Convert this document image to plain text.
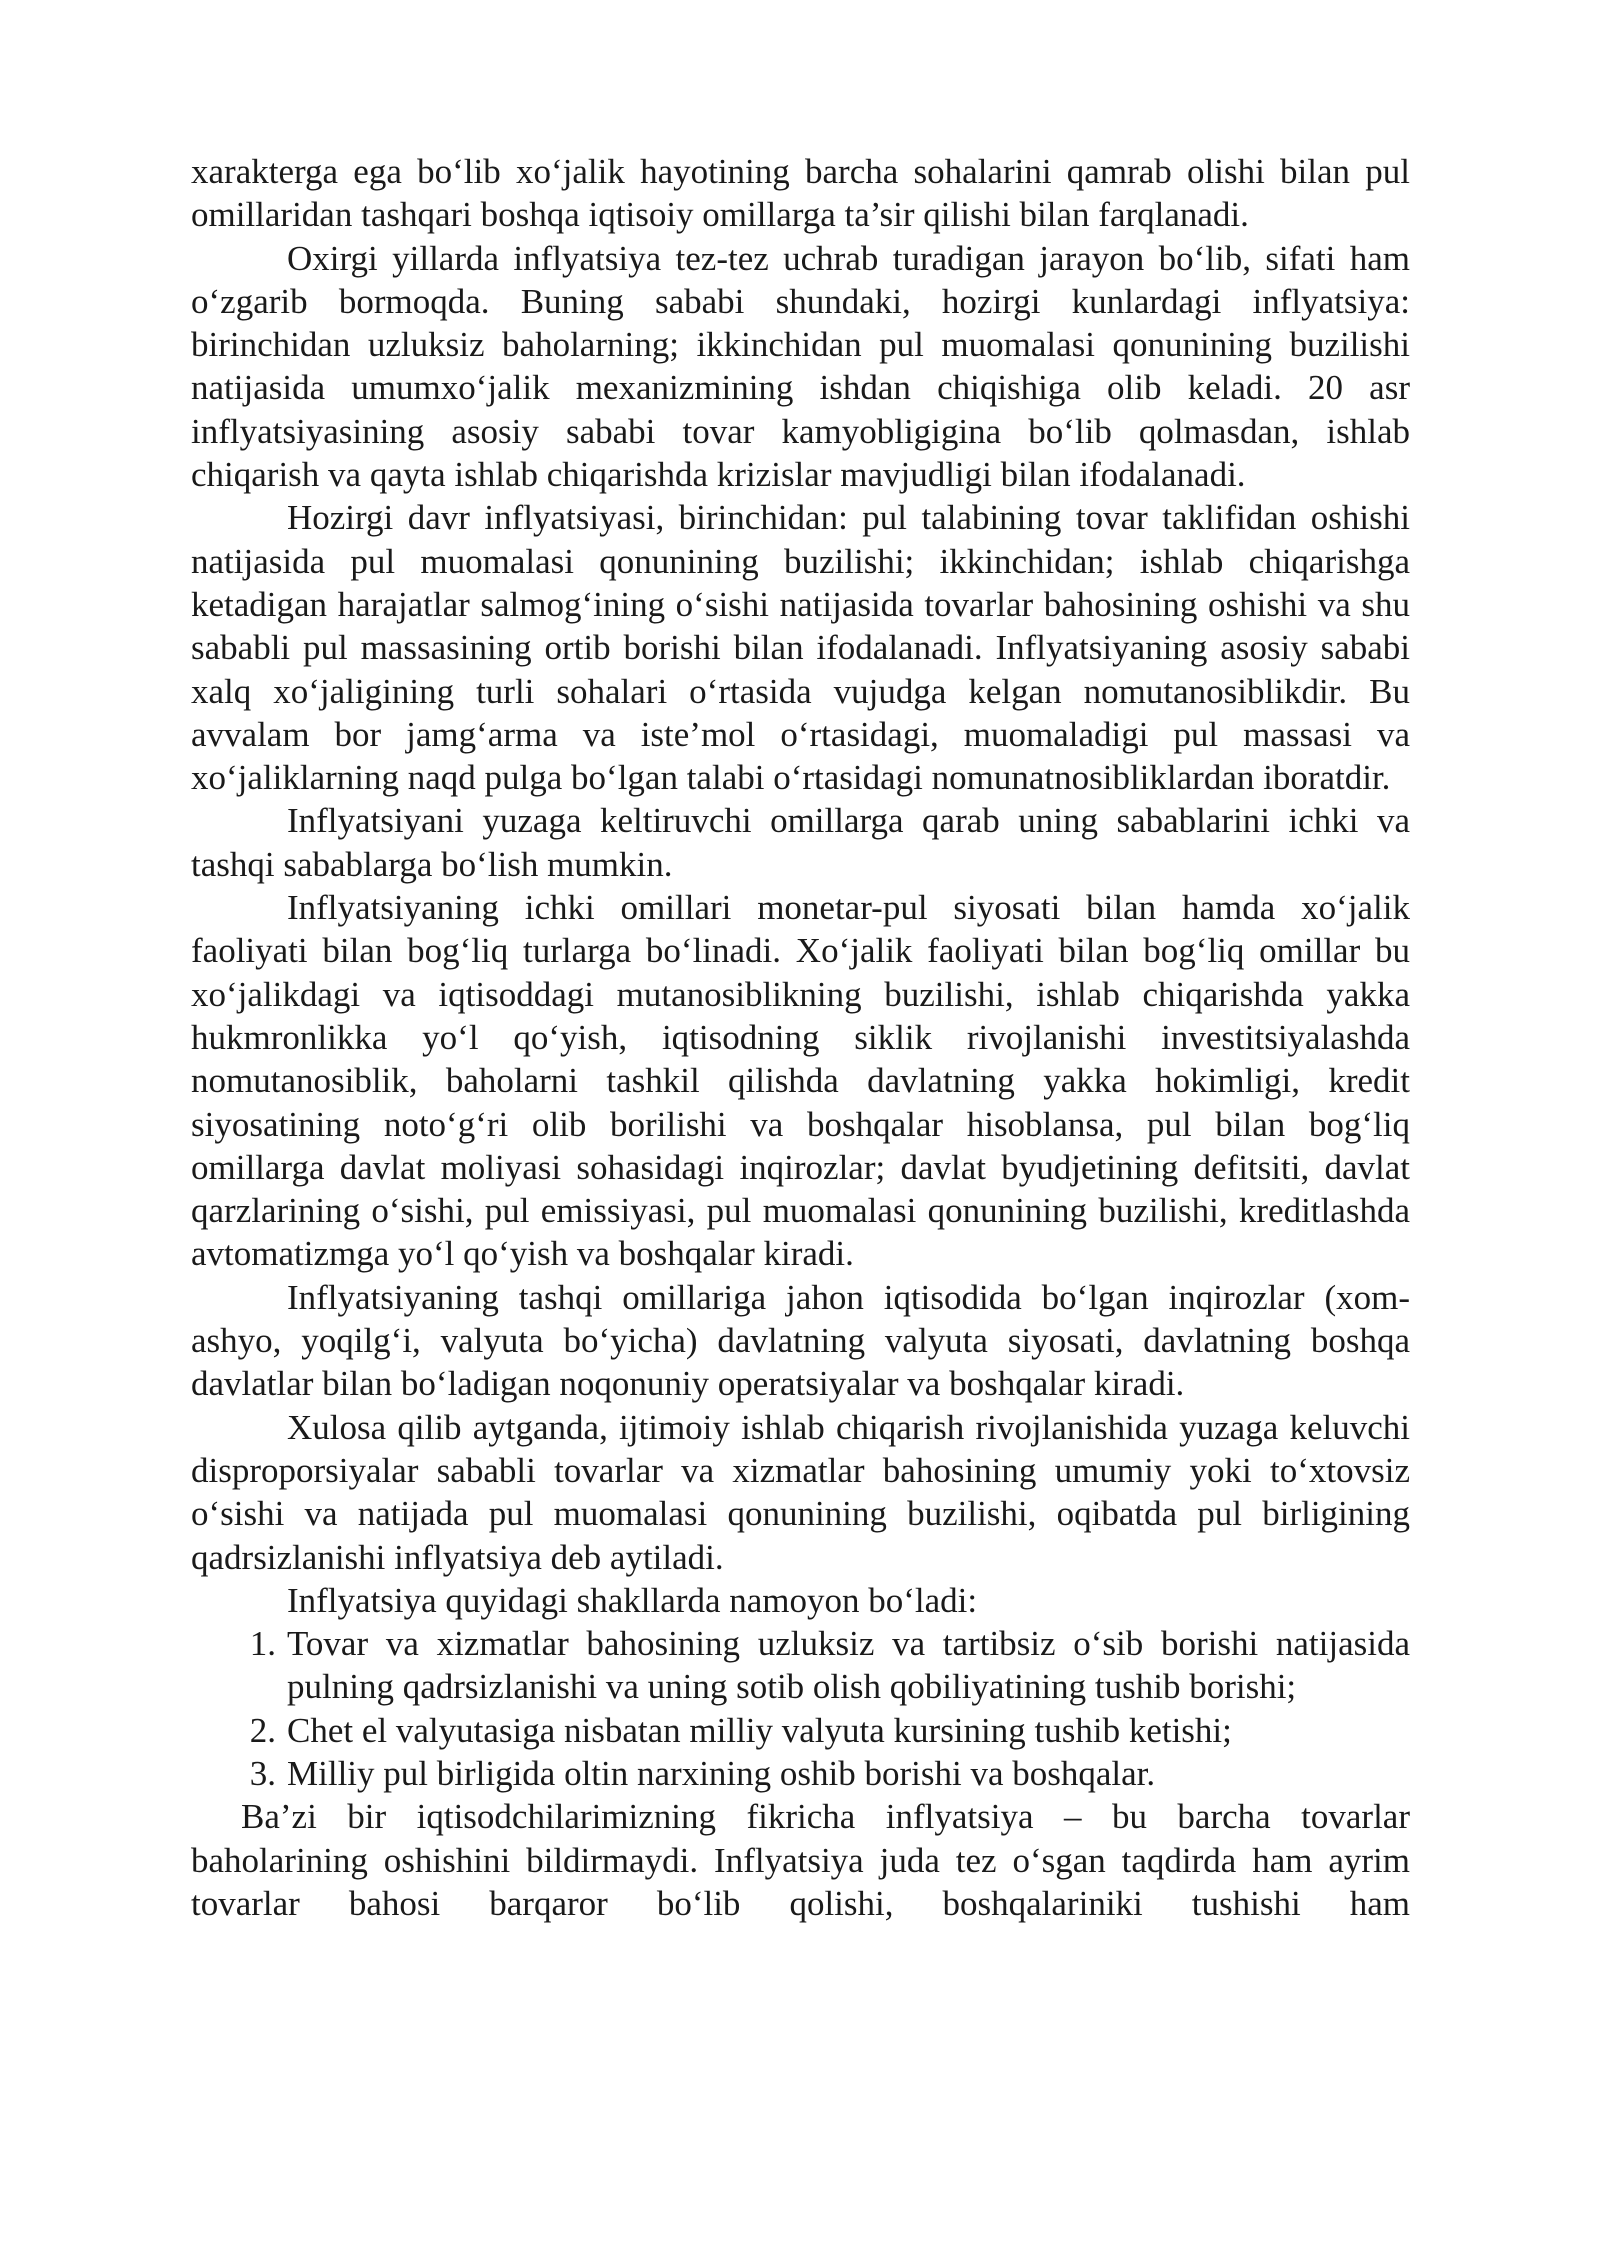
xarakterga ega bo‘lib xo‘jalik hayotining barcha sohalarini qamrab olishi bilan pul omillaridan tashqari boshqa iqtisoiy omillarga ta’sir qilishi bilan farqlanadi.

Oxirgi yillarda inflyatsiya tez-tez uchrab turadigan jarayon bo‘lib, sifati ham o‘zgarib bormoqda. Buning sababi shundaki, hozirgi kunlardagi inflyatsiya: birinchidan uzluksiz baholarning; ikkinchidan pul muomalasi qonunining buzilishi natijasida umumxo‘jalik mexanizmining ishdan chiqishiga olib keladi. 20 asr inflyatsiyasining asosiy sababi tovar kamyobligigina bo‘lib qolmasdan, ishlab chiqarish va qayta ishlab chiqarishda krizislar mavjudligi bilan ifodalanadi.

Hozirgi davr inflyatsiyasi, birinchidan: pul talabining tovar taklifidan oshishi natijasida pul muomalasi qonunining buzilishi; ikkinchidan; ishlab chiqarishga ketadigan harajatlar salmog‘ining o‘sishi natijasida tovarlar bahosining oshishi va shu sababli pul massasining ortib borishi bilan ifodalanadi. Inflyatsiyaning asosiy sababi xalq xo‘jaligining turli sohalari o‘rtasida vujudga kelgan nomutanosiblikdir. Bu avvalam bor jamg‘arma va iste’mol o‘rtasidagi, muomaladigi pul massasi va xo‘jaliklarning naqd pulga bo‘lgan talabi o‘rtasidagi nomunatnosibliklardan iboratdir.

Inflyatsiyani yuzaga keltiruvchi omillarga qarab uning sabablarini ichki va tashqi sabablarga bo‘lish mumkin.

Inflyatsiyaning ichki omillari monetar-pul siyosati bilan hamda xo‘jalik faoliyati bilan bog‘liq turlarga bo‘linadi. Xo‘jalik faoliyati bilan bog‘liq omillar bu xo‘jalikdagi va iqtisoddagi mutanosiblikning buzilishi, ishlab chiqarishda yakka hukmronlikka yo‘l qo‘yish, iqtisodning siklik rivojlanishi investitsiyalashda nomutanosiblik, baholarni tashkil qilishda davlatning yakka hokimligi, kredit siyosatining noto‘g‘ri olib borilishi va boshqalar hisoblansa, pul bilan bog‘liq omillarga davlat moliyasi sohasidagi inqirozlar; davlat byudjetining defitsiti, davlat qarzlarining o‘sishi, pul emissiyasi, pul muomalasi qonunining buzilishi, kreditlashda avtomatizmga yo‘l qo‘yish va boshqalar kiradi.

Inflyatsiyaning tashqi omillariga jahon iqtisodida bo‘lgan inqirozlar (xom-ashyo, yoqilg‘i, valyuta bo‘yicha) davlatning valyuta siyosati, davlatning boshqa davlatlar bilan bo‘ladigan noqonuniy operatsiyalar va boshqalar kiradi.

Xulosa qilib aytganda, ijtimoiy ishlab chiqarish rivojlanishida yuzaga keluvchi disproporsiyalar sababli tovarlar va xizmatlar bahosining umumiy yoki to‘xtovsiz o‘sishi va natijada pul muomalasi qonunining buzilishi, oqibatda pul birligining qadrsizlanishi inflyatsiya deb aytiladi.

Inflyatsiya quyidagi shakllarda namoyon bo‘ladi:

1. Tovar va xizmatlar bahosining uzluksiz va tartibsiz o‘sib borishi natijasida pulning qadrsizlanishi va uning sotib olish qobiliyatining tushib borishi;
2. Chet el valyutasiga nisbatan milliy valyuta kursining tushib ketishi;
3. Milliy pul birligida oltin narxining oshib borishi va boshqalar.

Ba’zi bir iqtisodchilarimizning fikricha inflyatsiya – bu barcha tovarlar baholarining oshishini bildirmaydi. Inflyatsiya juda tez o‘sgan taqdirda ham ayrim tovarlar bahosi barqaror bo‘lib qolishi, boshqalariniki tushishi ham
